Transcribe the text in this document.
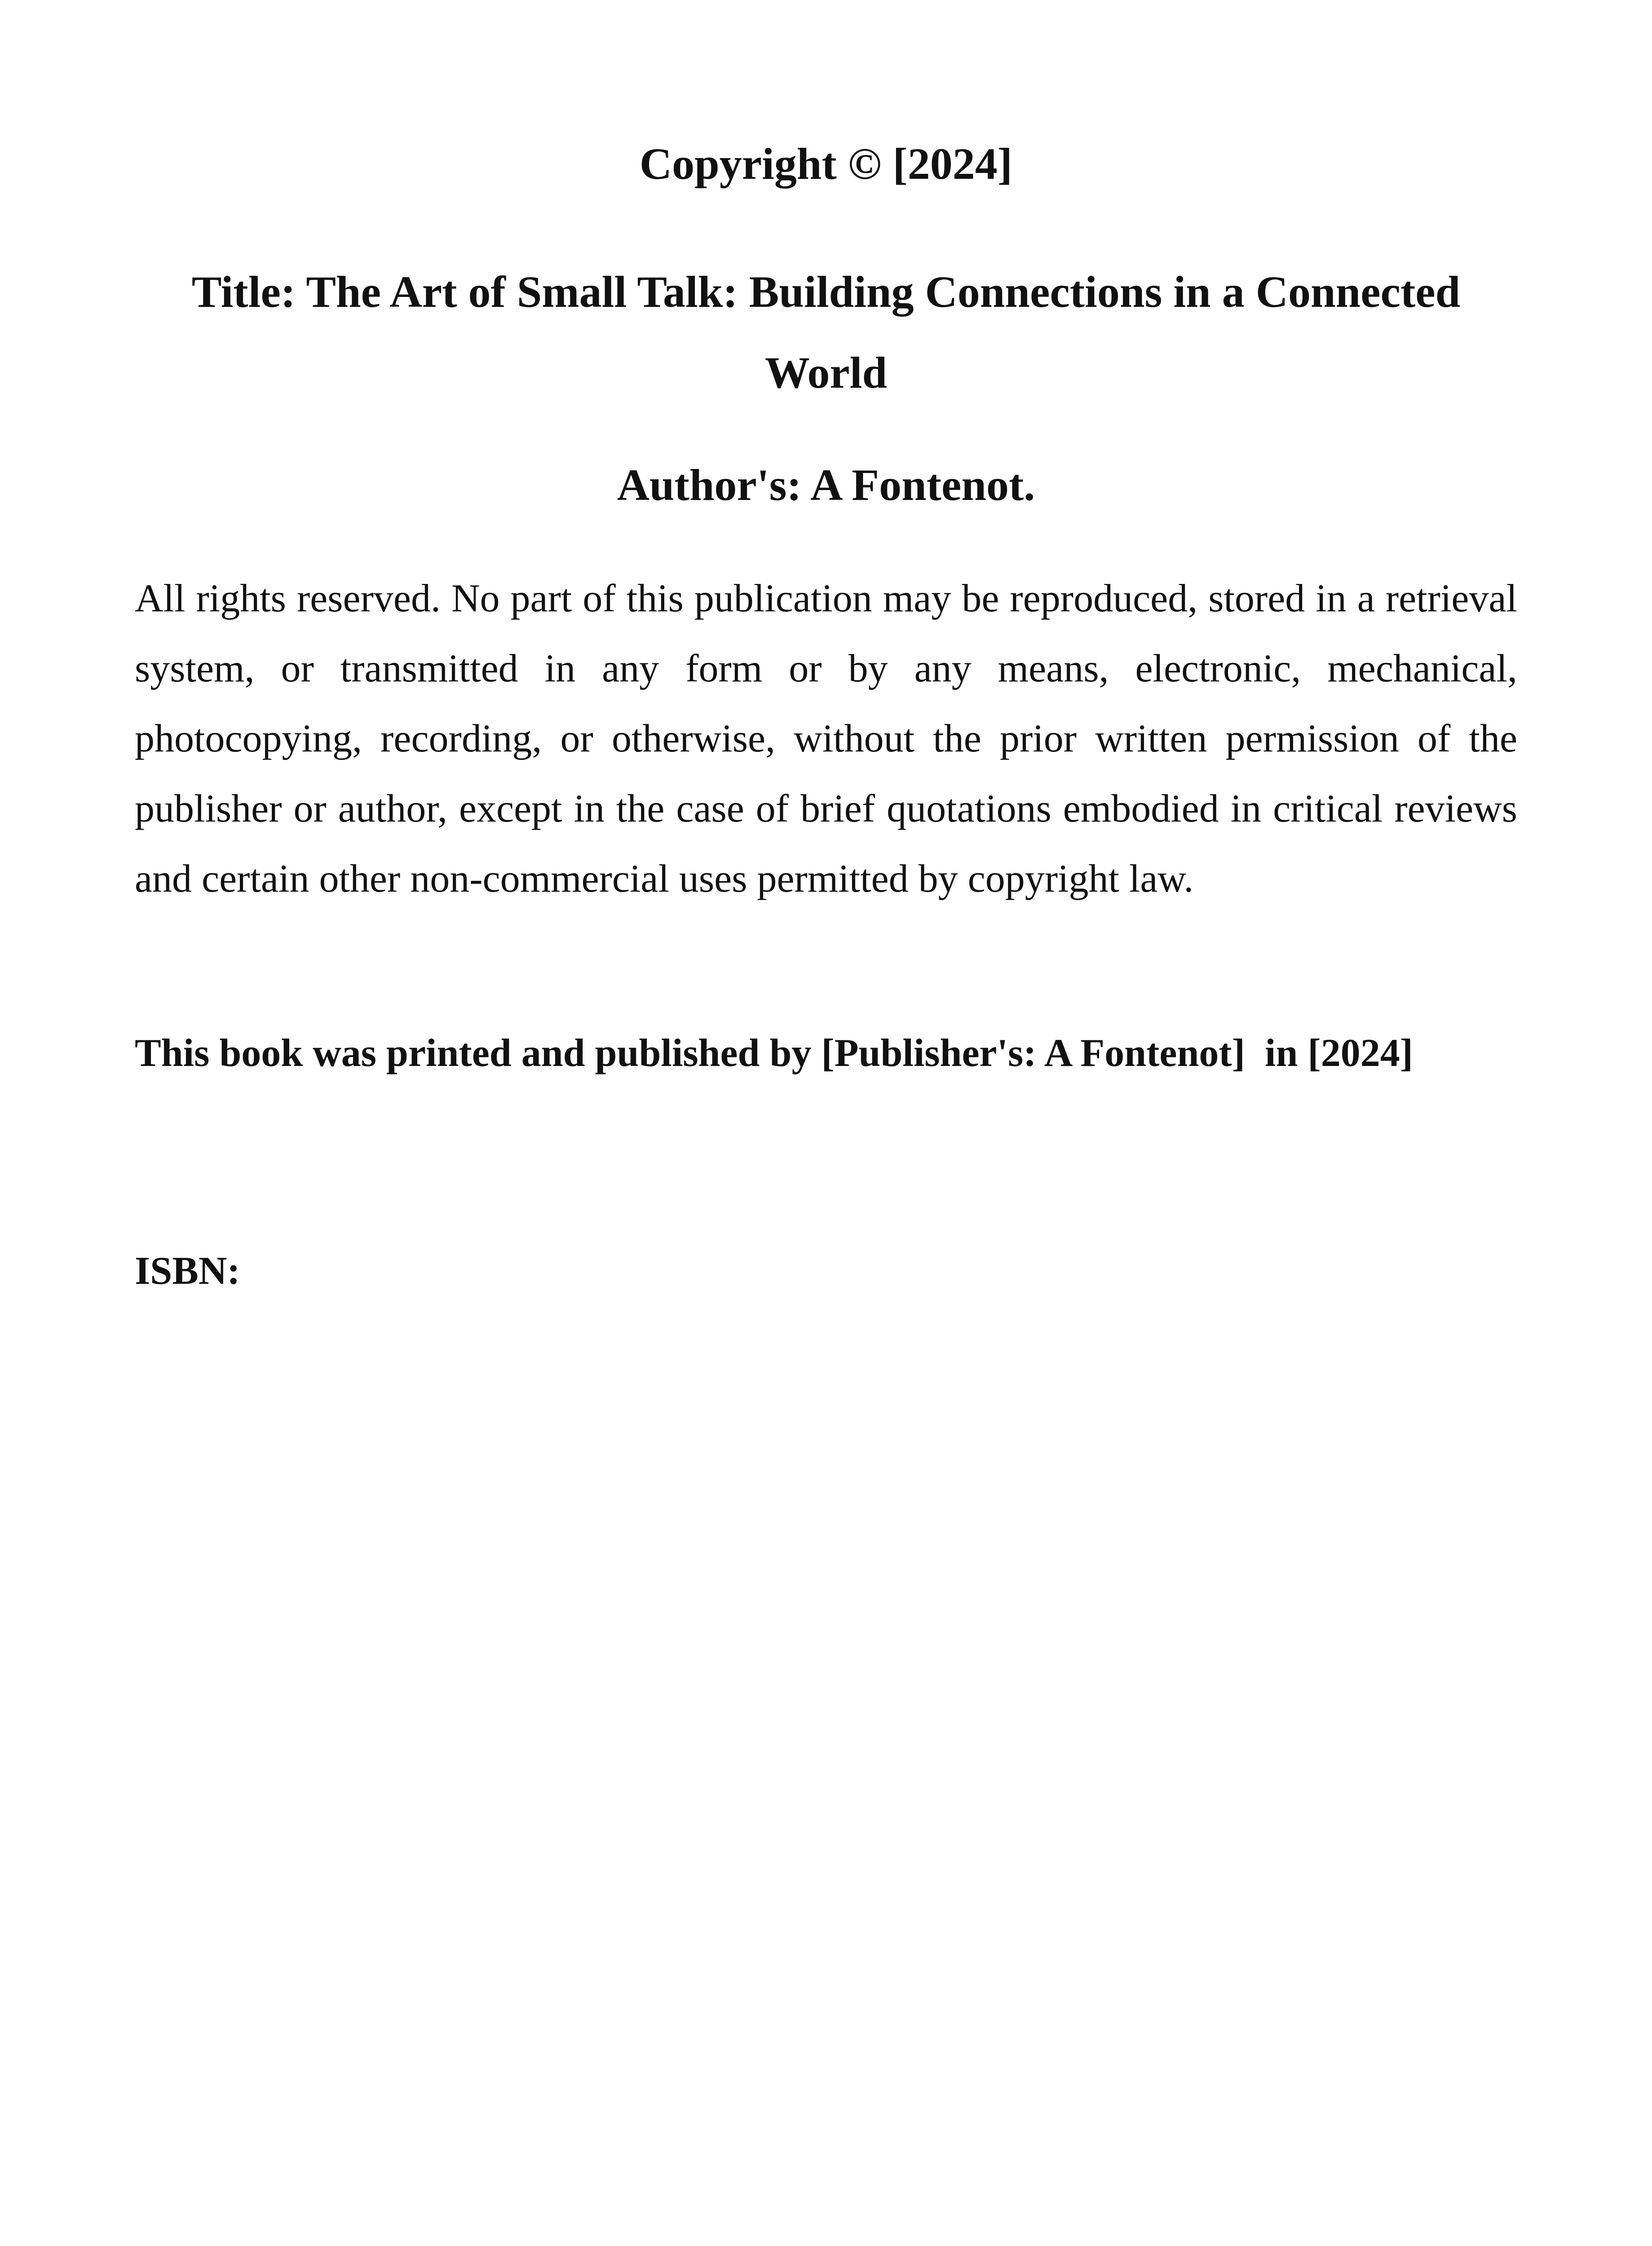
Copyright © [2024]
Title: The Art of Small Talk: Building Connections in a Connected World
Author's: A Fontenot.

All rights reserved. No part of this publication may be reproduced, stored in a retrieval system, or transmitted in any form or by any means, electronic, mechanical, photocopying, recording, or otherwise, without the prior written permission of the publisher or author, except in the case of brief quotations embodied in critical reviews and certain other non-commercial uses permitted by copyright law.

This book was printed and published by [Publisher's: A Fontenot]  in [2024]

ISBN:
